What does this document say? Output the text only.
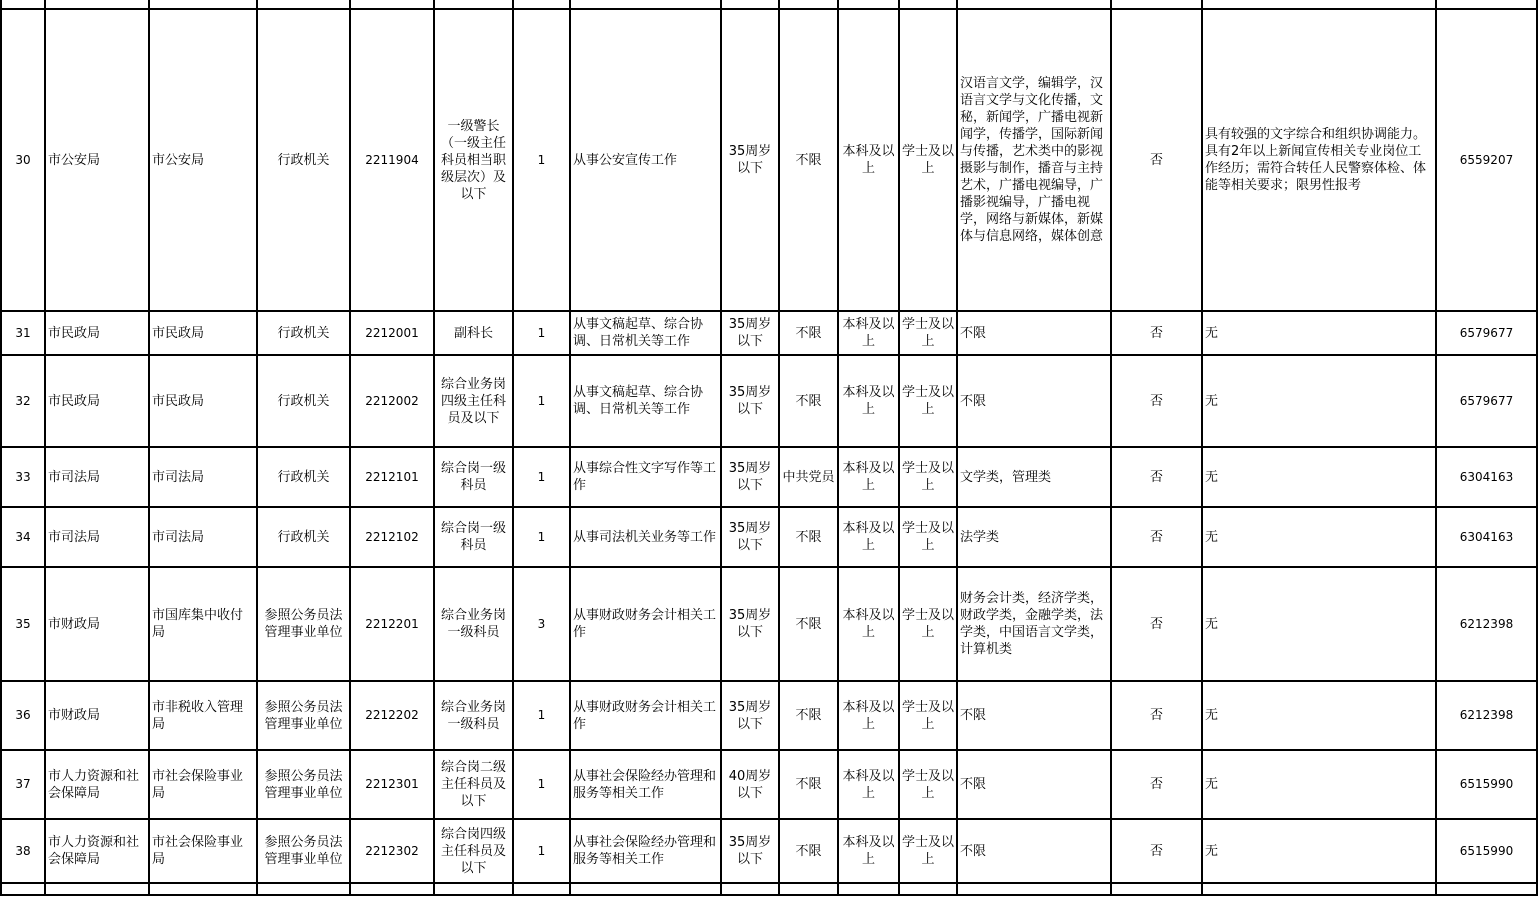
30	市公安局	市公安局	行政机关	2211904	一级警长（一级主任科员相当职级层次）及以下	1	从事公安宣传工作	35周岁以下	不限	本科及以上	学士及以上	汉语言文学，编辑学，汉语言文学与文化传播，文秘，新闻学，广播电视新闻学，传播学，国际新闻与传播，艺术类中的影视摄影与制作，播音与主持艺术，广播电视编导，广播影视编导，广播电视学，网络与新媒体，新媒体与信息网络，媒体创意	否	具有较强的文字综合和组织协调能力。具有2年以上新闻宣传相关专业岗位工作经历；需符合转任人民警察体检、体能等相关要求；限男性报考	6559207
31	市民政局	市民政局	行政机关	2212001	副科长	1	从事文稿起草、综合协调、日常机关等工作	35周岁以下	不限	本科及以上	学士及以上	不限	否	无	6579677
32	市民政局	市民政局	行政机关	2212002	综合业务岗四级主任科员及以下	1	从事文稿起草、综合协调、日常机关等工作	35周岁以下	不限	本科及以上	学士及以上	不限	否	无	6579677
33	市司法局	市司法局	行政机关	2212101	综合岗一级科员	1	从事综合性文字写作等工作	35周岁以下	中共党员	本科及以上	学士及以上	文学类，管理类	否	无	6304163
34	市司法局	市司法局	行政机关	2212102	综合岗一级科员	1	从事司法机关业务等工作	35周岁以下	不限	本科及以上	学士及以上	法学类	否	无	6304163
35	市财政局	市国库集中收付局	参照公务员法管理事业单位	2212201	综合业务岗一级科员	3	从事财政财务会计相关工作	35周岁以下	不限	本科及以上	学士及以上	财务会计类，经济学类，财政学类，金融学类，法学类，中国语言文学类，计算机类	否	无	6212398
36	市财政局	市非税收入管理局	参照公务员法管理事业单位	2212202	综合业务岗一级科员	1	从事财政财务会计相关工作	35周岁以下	不限	本科及以上	学士及以上	不限	否	无	6212398
37	市人力资源和社会保障局	市社会保险事业局	参照公务员法管理事业单位	2212301	综合岗二级主任科员及以下	1	从事社会保险经办管理和服务等相关工作	40周岁以下	不限	本科及以上	学士及以上	不限	否	无	6515990
38	市人力资源和社会保障局	市社会保险事业局	参照公务员法管理事业单位	2212302	综合岗四级主任科员及以下	1	从事社会保险经办管理和服务等相关工作	35周岁以下	不限	本科及以上	学士及以上	不限	否	无	6515990
